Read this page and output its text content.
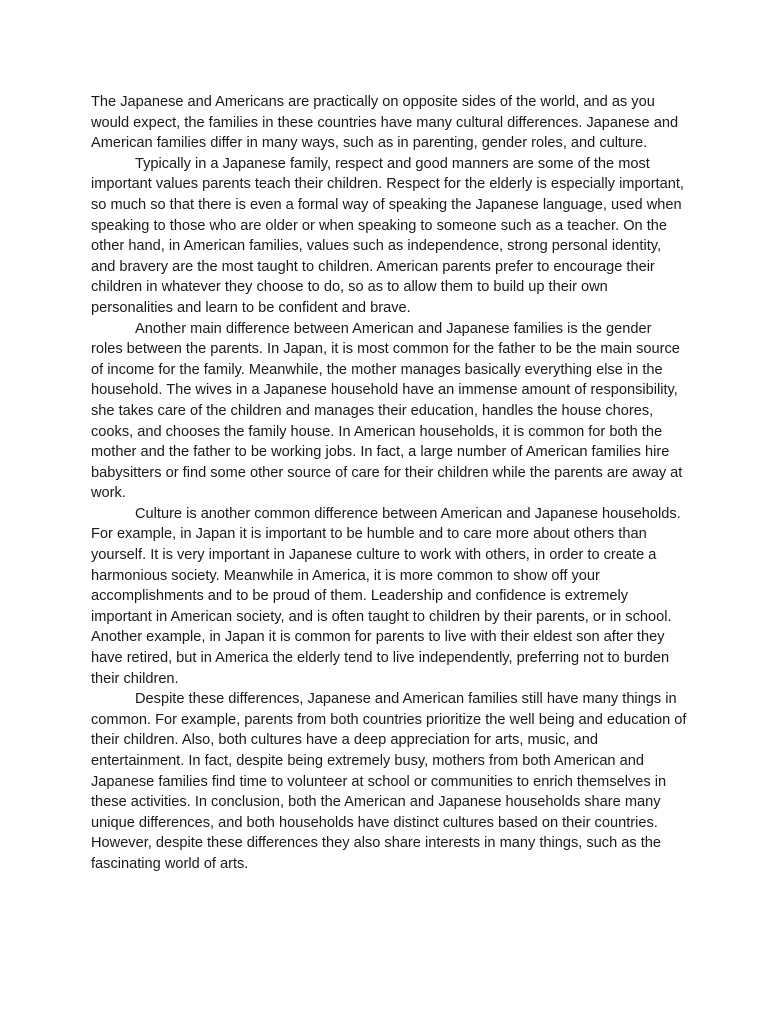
The Japanese and Americans are practically on opposite sides of the world, and as you would expect, the families in these countries have many cultural differences. Japanese and American families differ in many ways, such as in parenting, gender roles, and culture.

Typically in a Japanese family, respect and good manners are some of the most important values parents teach their children. Respect for the elderly is especially important, so much so that there is even a formal way of speaking the Japanese language, used when speaking to those who are older or when speaking to someone such as a teacher. On the other hand, in American families, values such as independence, strong personal identity, and bravery are the most taught to children. American parents prefer to encourage their children in whatever they choose to do, so as to allow them to build up their own personalities and learn to be confident and brave.

Another main difference between American and Japanese families is the gender roles between the parents. In Japan, it is most common for the father to be the main source of income for the family. Meanwhile, the mother manages basically everything else in the household. The wives in a Japanese household have an immense amount of responsibility, she takes care of the children and manages their education, handles the house chores, cooks, and chooses the family house. In American households, it is common for both the mother and the father to be working jobs. In fact, a large number of American families hire babysitters or find some other source of care for their children while the parents are away at work.

Culture is another common difference between American and Japanese households. For example, in Japan it is important to be humble and to care more about others than yourself. It is very important in Japanese culture to work with others, in order to create a harmonious society. Meanwhile in America, it is more common to show off your accomplishments and to be proud of them. Leadership and confidence is extremely important in American society, and is often taught to children by their parents, or in school. Another example, in Japan it is common for parents to live with their eldest son after they have retired, but in America the elderly tend to live independently, preferring not to burden their children.

Despite these differences, Japanese and American families still have many things in common. For example, parents from both countries prioritize the well being and education of their children. Also, both cultures have a deep appreciation for arts, music, and entertainment. In fact, despite being extremely busy, mothers from both American and Japanese families find time to volunteer at school or communities to enrich themselves in these activities. In conclusion, both the American and Japanese households share many unique differences, and both households have distinct cultures based on their countries. However, despite these differences they also share interests in many things, such as the fascinating world of arts.
